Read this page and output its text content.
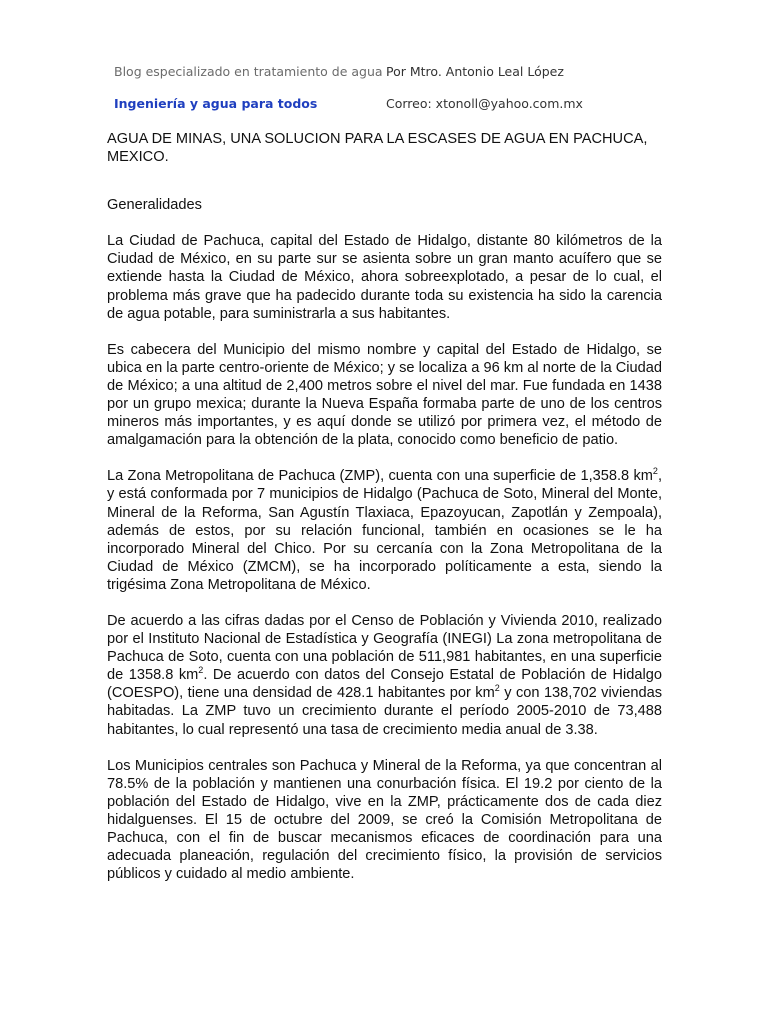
Blog especializado en tratamiento de agua Por Mtro. Antonio Leal López
Ingeniería y agua para todos	Correo: xtonoll@yahoo.com.mx
AGUA DE MINAS, UNA SOLUCION PARA LA ESCASES DE AGUA EN PACHUCA, MEXICO.
Generalidades

La Ciudad de Pachuca, capital del Estado de Hidalgo, distante 80 kilómetros de la Ciudad de México, en su parte sur se asienta sobre un gran manto acuífero que se extiende hasta la Ciudad de México, ahora sobreexplotado, a pesar de lo cual, el problema más grave que ha padecido durante toda su existencia ha sido la carencia de agua potable, para suministrarla a sus habitantes.

Es cabecera del Municipio del mismo nombre y capital del Estado de Hidalgo, se ubica en la parte centro-oriente de México; y se localiza a 96 km al norte de la Ciudad de México; a una altitud de 2,400 metros sobre el nivel del mar. Fue fundada en 1438 por un grupo mexica; durante la Nueva España formaba parte de uno de los centros mineros más importantes, y es aquí donde se utilizó por primera vez, el método de amalgamación para la obtención de la plata, conocido como beneficio de patio.

La Zona Metropolitana de Pachuca (ZMP), cuenta con una superficie de 1,358.8 $km^2$, y está conformada por 7 municipios de Hidalgo (Pachuca de Soto, Mineral del Monte, Mineral de la Reforma, San Agustín Tlaxiaca, Epazoyucan, Zapotlán y Zempoala), además de estos, por su relación funcional, también en ocasiones se le ha incorporado Mineral del Chico. Por su cercanía con la Zona Metropolitana de la Ciudad de México (ZMCM), se ha incorporado políticamente a esta, siendo la trigésima Zona Metropolitana de México.

De acuerdo a las cifras dadas por el Censo de Población y Vivienda 2010, realizado por el Instituto Nacional de Estadística y Geografía (INEGI) La zona metropolitana de Pachuca de Soto, cuenta con una población de 511,981 habitantes, en una superficie de 1358.8 $km^2$. De acuerdo con datos del Consejo Estatal de Población de Hidalgo (COESPO), tiene una densidad de 428.1 habitantes por $km^2$ y con 138,702 viviendas habitadas. La ZMP tuvo un crecimiento durante el período 2005-2010 de 73,488 habitantes, lo cual representó una tasa de crecimiento media anual de 3.38.

Los Municipios centrales son Pachuca y Mineral de la Reforma, ya que concentran al 78.5% de la población y mantienen una conurbación física. El 19.2 por ciento de la población del Estado de Hidalgo, vive en la ZMP, prácticamente dos de cada diez hidalguenses. El 15 de octubre del 2009, se creó la Comisión Metropolitana de Pachuca, con el fin de buscar mecanismos eficaces de coordinación para una adecuada planeación, regulación del crecimiento físico, la provisión de servicios públicos y cuidado al medio ambiente.
